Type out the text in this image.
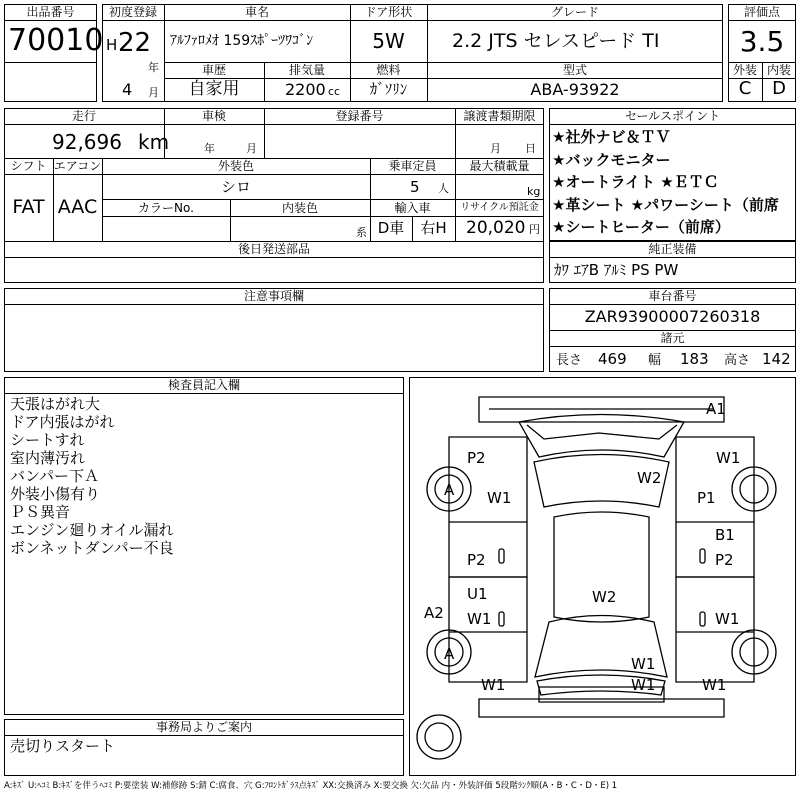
出品番号
70010
初度登録
H 22
年
4 月
車名
ｱﾙﾌｧﾛﾒｵ 159ｽﾎﾟｰﾂﾜｺﾞﾝ
ドア形状
5W
グレード
2.2 JTS セレスピード TI
車歴
自家用
排気量
2200 cc
燃料
ｶﾞｿﾘﾝ
型式
ABA-93922
評価点
3.5
外装 内装
C	D
走行
92,696 km
車検
年	月
登録番号	譲渡書類期限
月 日
シフト
FAT
エアコン
AAC
外装色
シロ
乗車定員
5 人
最大積載量
kg
カラーNo.	内装色
系
輸入車
D車	右H
リサイクル預託金
20,020 円
後日発送部品
セールスポイント
★社外ナビ＆ＴＶ
★バックモニター
★オートライト ★ＥＴＣ
★革シート ★パワーシート（前席
★シートヒーター（前席）
純正装備
ｶﾜ ｴｱB ｱﾙﾐ PS PW
注意事項欄	車台番号
ZAR93900007260318
諸元
長さ 469 幅 183 高さ 142
検査員記入欄
天張はがれ大
ドア内張はがれ
シートすれ
室内薄汚れ
バンパー下Ａ
外装小傷有り
ＰＳ異音
エンジン廻りオイル漏れ
ボンネットダンパー不良
事務局よりご案内
売切りスタート
A1
P2	W1
A W1
W2
P1
B1
P2
P2
U1	W2
W1	W1
A2
A
W1
W1	W1	W1
A:ｷｽﾞ U:ﾍｺﾐ B:ｷｽﾞを伴うﾍｺﾐ P:要塗装 W:補修跡 S:錆 C:腐食、穴 G:ﾌﾛﾝﾄｶﾞﾗｽ点ｷｽﾞ XX:交換済み X:要交換 欠:欠品 内・外装評価 5段階ﾗﾝｸ順(A・B・C・D・E) 1
